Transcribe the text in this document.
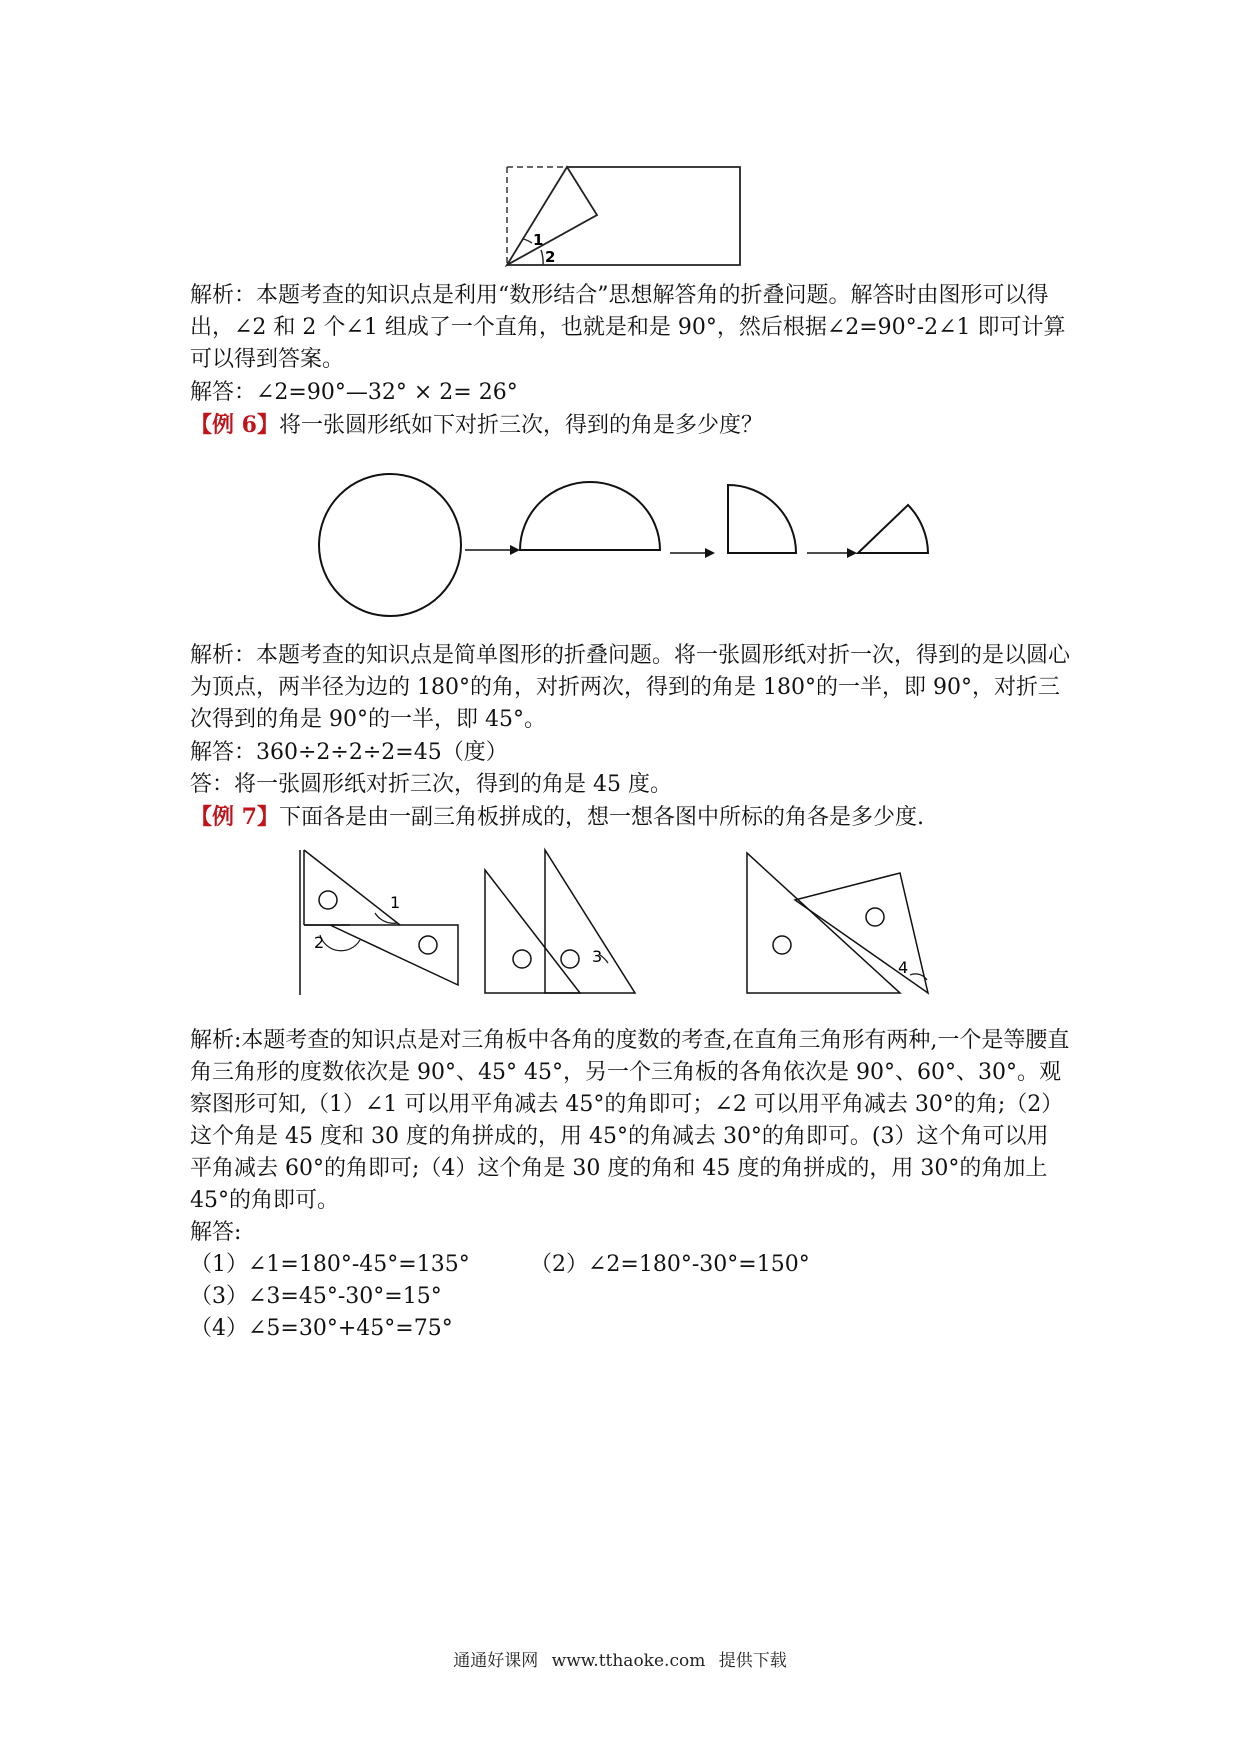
1
2

解析：本题考查的知识点是利用“数形结合”思想解答角的折叠问题。解答时由图形可以得出，∠2 和 2 个∠1 组成了一个直角，也就是和是 90°，然后根据∠2=90°-2∠1 即可计算可以得到答案。

解答：∠2=90°—32° × 2= 26°

【例 6】将一张圆形纸如下对折三次，得到的角是多少度？

解析：本题考查的知识点是简单图形的折叠问题。将一张圆形纸对折一次，得到的是以圆心为顶点，两半径为边的 180°的角，对折两次，得到的角是 180°的一半，即 90°，对折三次得到的角是 90°的一半，即 45°。

解答：360÷2÷2÷2=45（度）

答：将一张圆形纸对折三次，得到的角是 45 度。

【例 7】下面各是由一副三角板拼成的，想一想各图中所标的角各是多少度.

1
2
3
4

解析:本题考查的知识点是对三角板中各角的度数的考查,在直角三角形有两种,一个是等腰直角三角形的度数依次是 90°、45° 45°，另一个三角板的各角依次是 90°、60°、30°。观察图形可知,（1）∠1 可以用平角减去 45°的角即可；∠2 可以用平角减去 30°的角;（2）这个角是 45 度和 30 度的角拼成的，用 45°的角减去 30°的角即可。(3）这个角可以用平角减去 60°的角即可;（4）这个角是 30 度的角和 45 度的角拼成的，用 30°的角加上 45°的角即可。

解答:

（1）∠1=180°-45°=135°	（2）∠2=180°-30°=150°

（3）∠3=45°-30°=15°

（4）∠5=30°+45°=75°

通通好课网 www.tthaoke.com 提供下载
